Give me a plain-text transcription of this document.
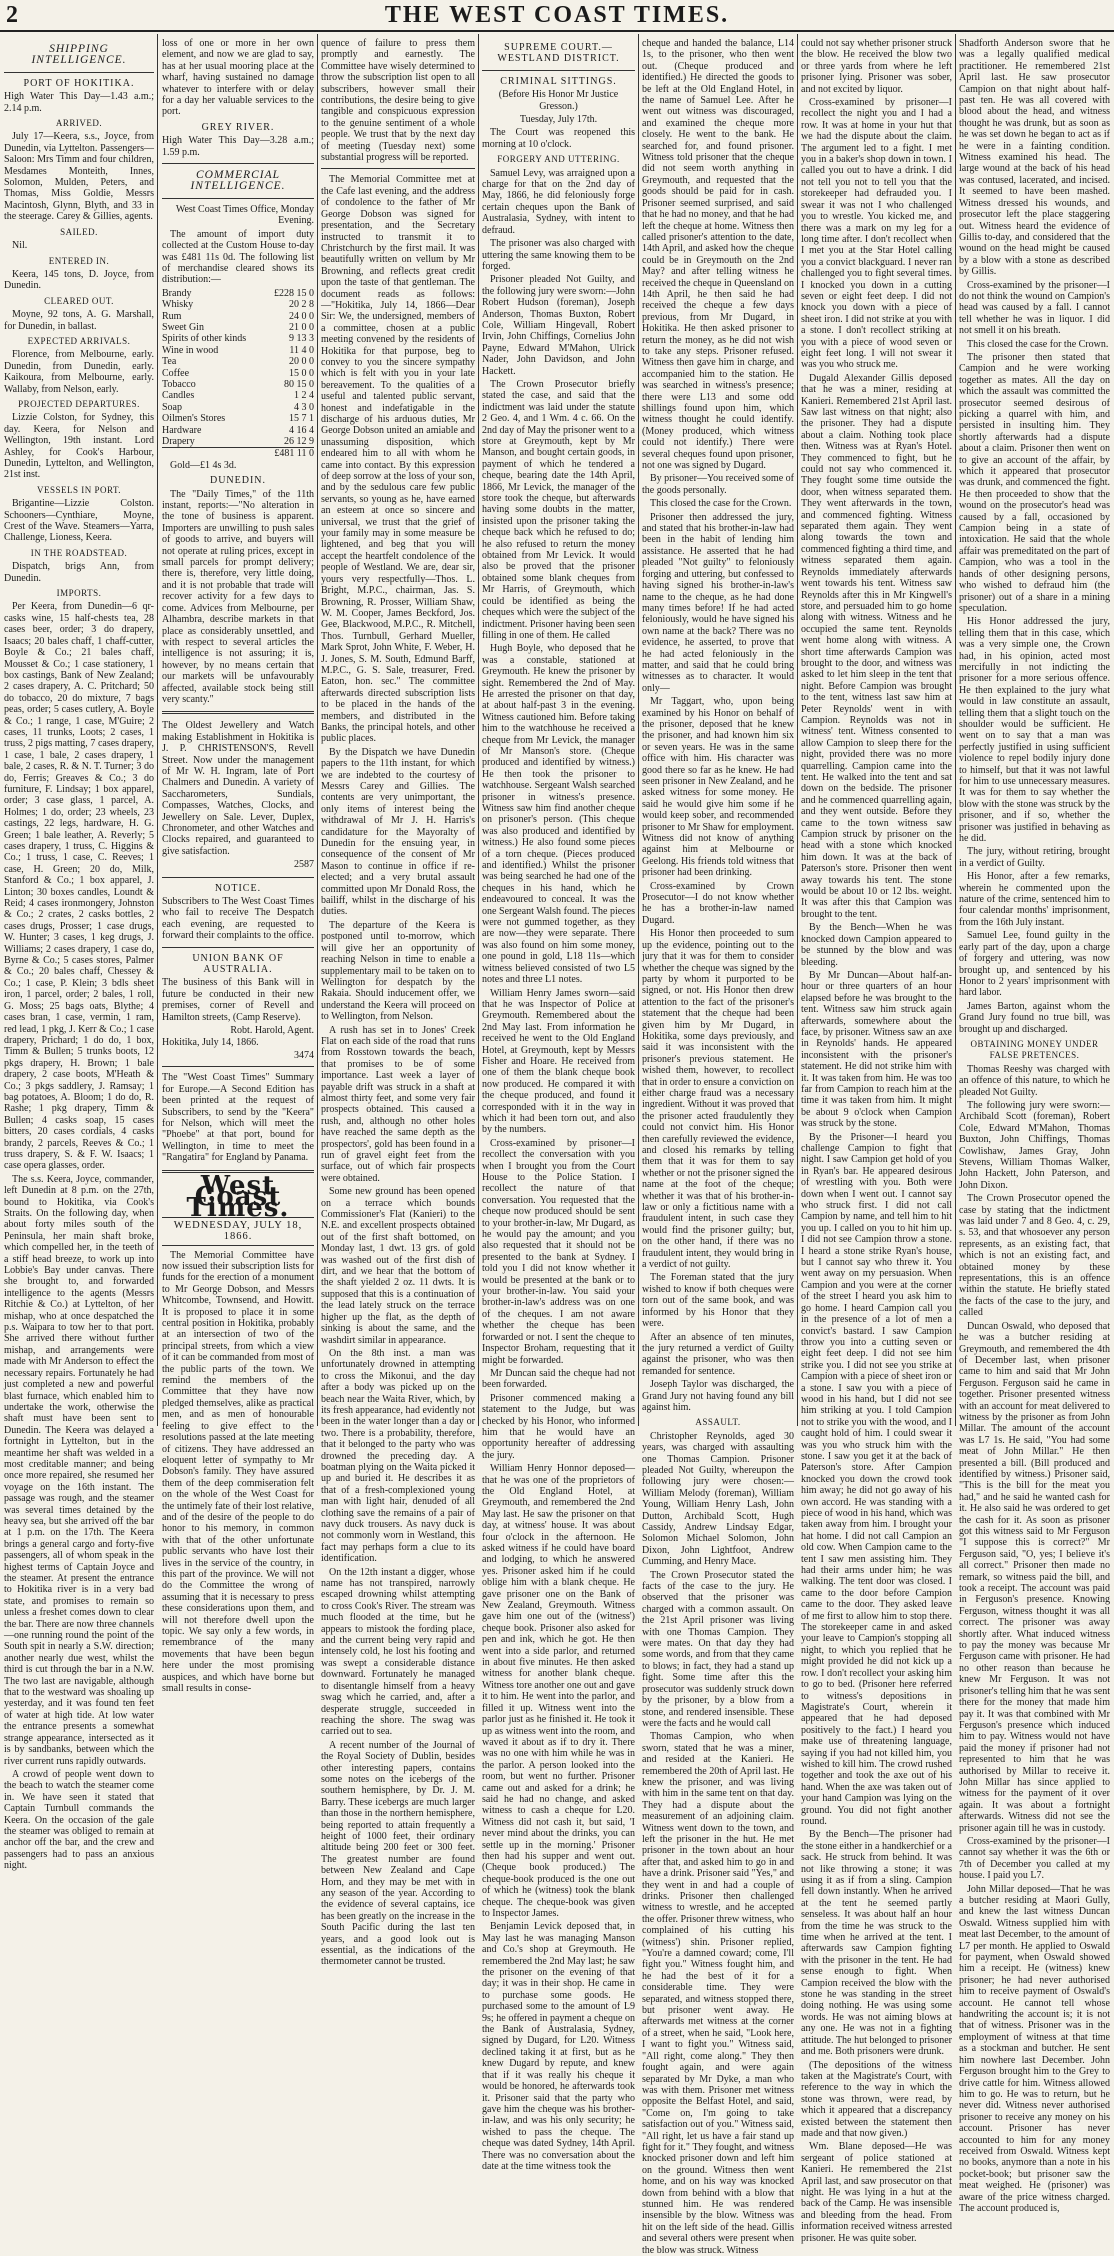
2	THE WEST COAST TIMES.
SHIPPING INTELLIGENCE.
PORT OF HOKITIKA.

High Water This Day—1.43 a.m.; 2.14 p.m.

ARRIVED.

July 17—Keera, s.s., Joyce, from Dunedin, via Lyttelton. Passengers—Saloon: Mrs Timm and four children, Mesdames Monteith, Innes, Solomon, Mulden, Peters, and Thomas, Miss Goldie, Messrs Macintosh, Glynn, Blyth, and 33 in the steerage. Carey & Gillies, agents.

SAILED.

Nil.

ENTERED IN.

Keera, 145 tons, D. Joyce, from Dunedin.

CLEARED OUT.

Moyne, 92 tons, A. G. Marshall, for Dunedin, in ballast.

EXPECTED ARRIVALS.

Florence, from Melbourne, early. Dunedin, from Dunedin, early. Kaikoura, from Melbourne, early. Wallaby, from Nelson, early.

PROJECTED DEPARTURES.

Lizzie Colston, for Sydney, this day. Keera, for Nelson and Wellington, 19th instant. Lord Ashley, for Cook's Harbour, Dunedin, Lyttelton, and Wellington, 21st inst.

VESSELS IN PORT.

Brigantine—Lizzie Colston. Schooners—Cynthiare, Moyne, Crest of the Wave. Steamers—Yarra, Challenge, Lioness, Keera.

IN THE ROADSTEAD.

Dispatch, brigs Ann, from Dunedin.

IMPORTS.

Per Keera, from Dunedin—6 qr-casks wine, 15 half-chests tea, 28 cases beer, order; 3 do drapery, Isaacs; 20 bales chaff, 1 chaff-cutter, Boyle & Co.; 21 bales chaff, Mousset & Co.; 1 case stationery, 1 box castings, Bank of New Zealand; 2 cases drapery, A. C. Pritchard; 50 do tobacco, 20 do mixture, 7 bags peas, order; 5 cases cutlery, A. Boyle & Co.; 1 range, 1 case, M'Guire; 2 cases, 11 trunks, Loots; 2 cases, 1 truss, 2 pigs matting, 7 cases drapery, 1 case, 1 bale, 2 cases drapery, 1 bale, 2 cases, R. & N. T. Turner; 3 do do, Ferris; Greaves & Co.; 3 do furniture, F. Lindsay; 1 box apparel, order; 3 case glass, 1 parcel, A. Holmes; 1 do, order; 23 wheels, 23 castings, 22 legs, hardware, H. G. Green; 1 bale leather, A. Reverly; 5 cases drapery, 1 truss, C. Higgins & Co.; 1 truss, 1 case, C. Reeves; 1 case, H. Green; 20 do, Milk, Stanford & Co.; 1 box apparel, J. Linton; 30 boxes candles, Loundt & Reid; 4 cases ironmongery, Johnston & Co.; 2 crates, 2 casks bottles, 2 cases drugs, Prosser; 1 case drugs, W. Hunter; 3 cases, 1 keg drugs, J. Williams; 2 cases drapery, 1 case do, Byrne & Co.; 5 cases stores, Palmer & Co.; 20 bales chaff, Chessey & Co.; 1 case, P. Klein; 3 bdls sheet iron, 1 parcel, order; 2 bales, 1 roll, G. Moss; 25 bags oats, Blythe; 4 cases bran, 1 case, vermin, 1 ram, red lead, 1 pkg, J. Kerr & Co.; 1 case drapery, Prichard; 1 do do, 1 box, Timm & Bullen; 5 trunks boots, 12 pkgs drapery, H. Brown; 1 bale drapery, 2 case boots, M'Heath & Co.; 3 pkgs saddlery, J. Ramsay; 1 bag potatoes, A. Bloom; 1 do do, R. Rashe; 1 pkg drapery, Timm & Bullen; 4 casks soap, 15 cases bitters, 20 cases cordials, 4 casks brandy, 2 parcels, Reeves & Co.; 1 truss drapery, S. & F. W. Isaacs; 1 case opera glasses, order.

The s.s. Keera, Joyce, commander, left Dunedin at 8 p.m. on the 27th, bound to Hokitika, via Cook's Straits. On the following day, when about forty miles south of the Peninsula, her main shaft broke, which compelled her, in the teeth of a stiff head breeze, to work up into Lobbie's Bay under canvas. There she brought to, and forwarded intelligence to the agents (Messrs Ritchie & Co.) at Lyttelton, of her mishap, who at once despatched the p.s. Waipara to tow her to that port. She arrived there without further mishap, and arrangements were made with Mr Anderson to effect the necessary repairs. Fortunately he had just completed a new and powerful blast furnace, which enabled him to undertake the work, otherwise the shaft must have been sent to Dunedin. The Keera was delayed a fortnight in Lyttelton, but in the meantime her shaft was welded in a most creditable manner; and being once more repaired, she resumed her voyage on the 16th instant. The passage was rough, and the steamer was several times detained by the heavy sea, but she arrived off the bar at 1 p.m. on the 17th. The Keera brings a general cargo and forty-five passengers, all of whom speak in the highest terms of Captain Joyce and the steamer. At present the entrance to Hokitika river is in a very bad state, and promises to remain so unless a freshet comes down to clear the bar. There are now three channels—one running round the point of the South spit in nearly a S.W. direction; another nearly due west, whilst the third is cut through the bar in a N.W. The two last are navigable, although that to the westward was shoaling up yesterday, and it was found ten feet of water at high tide. At low water the entrance presents a somewhat strange appearance, intersected as it is by sandbanks, between which the river current runs rapidly outwards.

A crowd of people went down to the beach to watch the steamer come in. We have seen it stated that Captain Turnbull commands the Keera. On the occasion of the gale the steamer was obliged to remain at anchor off the bar, and the crew and passengers had to pass an anxious night.

loss of one or more in her own element, and now we are glad to say, has at her usual mooring place at the wharf, having sustained no damage whatever to interfere with or delay for a day her valuable services to the port.

GREY RIVER.

High Water This Day—3.28 a.m.; 1.59 p.m.

COMMERCIAL INTELLIGENCE.

West Coast Times Office, Monday Evening.

The amount of import duty collected at the Custom House to-day was £481 11s 0d. The following list of merchandise cleared shows its distribution:—

Brandy	£228 15 0
Whisky	20 2 8
Rum	24 0 0
Sweet Gin	21 0 0
Spirits of other kinds	9 13 3
Wine in wood	11 4 0
Tea	20 0 0
Coffee	15 0 0
Tobacco	80 15 0
Candles	1 2 4
Soap	4 3 0
Oilmen's Stores	15 7 1
Hardware	4 16 4
Drapery	26 12 9
£481 11 0

Gold—£1 4s 3d.

DUNEDIN.

The "Daily Times," of the 11th instant, reports:—"No alteration in the tone of business is apparent. Importers are unwilling to push sales of goods to arrive, and buyers will not operate at ruling prices, except in small parcels for prompt delivery; there is, therefore, very little doing, and it is not probable that trade will recover activity for a few days to come. Advices from Melbourne, per Alhambra, describe markets in that place as considerably unsettled, and with respect to several articles the intelligence is not assuring; it is, however, by no means certain that our markets will be unfavourably affected, available stock being still very scanty."

The Oldest Jewellery and Watch making Establishment in Hokitika is J. P. CHRISTENSON'S, Revell Street. Now under the management of Mr W. H. Ingram, late of Port Chalmers and Dunedin. A variety of Saccharometers, Sundials, Compasses, Watches, Clocks, and Jewellery on Sale. Lever, Duplex, Chronometer, and other Watches and Clocks repaired, and guaranteed to give satisfaction.

2587
NOTICE.

Subscribers to The West Coast Times who fail to receive The Despatch each evening, are requested to forward their complaints to the office.

UNION BANK OF AUSTRALIA.

The business of this Bank will in future be conducted in their new premises, corner of Revell and Hamilton streets, (Camp Reserve).

Robt. Harold, Agent.

Hokitika, July 14, 1866.

3474

The "West Coast Times" Summary for Europe.—A Second Edition has been printed at the request of Subscribers, to send by the "Keera" for Nelson, which will meet the "Phoebe" at that port, bound for Wellington, in time to meet the "Rangatira" for England by Panama.

West Coast Times.
WEDNESDAY, JULY 18, 1866.

The Memorial Committee have now issued their subscription lists for funds for the erection of a monument to Mr George Dobson, and Messrs Whitcombe, Townsend, and Howitt. It is proposed to place it in some central position in Hokitika, probably at an intersection of two of the principal streets, from which a view of it can be commanded from most of the public parts of the town. We remind the members of the Committee that they have now pledged themselves, alike as practical men, and as men of honourable feeling to give effect to the resolutions passed at the late meeting of citizens. They have addressed an eloquent letter of sympathy to Mr Dobson's family. They have assured them of the deep commiseration felt on the whole of the West Coast for the untimely fate of their lost relative, and of the desire of the people to do honor to his memory, in common with that of the other unfortunate public servants who have lost their lives in the service of the country, in this part of the province. We will not do the Committee the wrong of assuming that it is necessary to press these considerations upon them, and will not therefore dwell upon the topic. We say only a few words, in remembrance of the many movements that have been begun here under the most promising auspices, and which have borne but small results in conse-

quence of failure to press them promptly and earnestly. The Committee have wisely determined to throw the subscription list open to all subscribers, however small their contributions, the desire being to give tangible and conspicuous expression to the genuine sentiment of a whole people. We trust that by the next day of meeting (Tuesday next) some substantial progress will be reported.

The Memorial Committee met at the Cafe last evening, and the address of condolence to the father of Mr George Dobson was signed for presentation, and the Secretary instructed to transmit it to Christchurch by the first mail. It was beautifully written on vellum by Mr Browning, and reflects great credit upon the taste of that gentleman. The document reads as follows:—"Hokitika, July 14, 1866—Dear Sir: We, the undersigned, members of a committee, chosen at a public meeting convened by the residents of Hokitika for that purpose, beg to convey to you the sincere sympathy which is felt with you in your late bereavement. To the qualities of a useful and talented public servant, honest and indefatigable in the discharge of his arduous duties, Mr George Dobson united an amiable and unassuming disposition, which endeared him to all with whom he came into contact. By this expression of deep sorrow at the loss of your son, and by the sedulous care few public servants, so young as he, have earned an esteem at once so sincere and universal, we trust that the grief of your family may in some measure be lightened, and beg that you will accept the heartfelt condolence of the people of Westland. We are, dear sir, yours very respectfully—Thos. L. Bright, M.P.C., chairman, Jas. S. Browning, R. Prosser, William Shaw, W. M. Cooper, James Beckford, Jos. Gee, Blackwood, M.P.C., R. Mitchell, Thos. Turnbull, Gerhard Mueller, Mark Sprot, John White, F. Weber, H. J. Jones, S. M. South, Edmund Barff, M.P.C., G. S. Sale, treasurer, Fred. Eaton, hon. sec." The committee afterwards directed subscription lists to be placed in the hands of the members, and distributed in the Banks, the principal hotels, and other public places.

By the Dispatch we have Dunedin papers to the 11th instant, for which we are indebted to the courtesy of Messrs Carey and Gillies. The contents are very unimportant, the only items of interest being the withdrawal of Mr J. H. Harris's candidature for the Mayoralty of Dunedin for the ensuing year, in consequence of the consent of Mr Mason to continue in office if re-elected; and a very brutal assault committed upon Mr Donald Ross, the bailiff, whilst in the discharge of his duties.

The departure of the Keera is postponed until to-morrow, which will give her an opportunity of reaching Nelson in time to enable a supplementary mail to be taken on to Wellington for despatch by the Rakaia. Should inducement offer, we understand the Keera will proceed on to Wellington, from Nelson.

A rush has set in to Jones' Creek Flat on each side of the road that runs from Rosstown towards the beach, that promises to be of some importance. Last week a layer of payable drift was struck in a shaft at almost thirty feet, and some very fair prospects obtained. This caused a rush, and, although no other holes have reached the same depth as the prospectors', gold has been found in a run of gravel eight feet from the surface, out of which fair prospects were obtained.

Some new ground has been opened on a terrace which bounds Commissioner's Flat (Kanieri) to the N.E. and excellent prospects obtained out of the first shaft bottomed, on Monday last, 1 dwt. 13 grs. of gold was washed out of the first dish of dirt, and we hear that the bottom of the shaft yielded 2 oz. 11 dwts. It is supposed that this is a continuation of the lead lately struck on the terrace higher up the flat, as the depth of sinking is about the same, and the washdirt similar in appearance.

On the 8th inst. a man was unfortunately drowned in attempting to cross the Mikonui, and the day after a body was picked up on the beach near the Waita River, which, by its fresh appearance, had evidently not been in the water longer than a day or two. There is a probability, therefore, that it belonged to the party who was drowned the preceding day. A boatman plying on the Waita picked it up and buried it. He describes it as that of a fresh-complexioned young man with light hair, denuded of all clothing save the remains of a pair of navy duck trousers. As navy duck is not commonly worn in Westland, this fact may perhaps form a clue to its identification.

On the 12th instant a digger, whose name has not transpired, narrowly escaped drowning whilst attempting to cross Cook's River. The stream was much flooded at the time, but he appears to mistook the fording place, and the current being very rapid and intensely cold, he lost his footing and was swept a considerable distance downward. Fortunately he managed to disentangle himself from a heavy swag which he carried, and, after a desperate struggle, succeeded in reaching the shore. The swag was carried out to sea.

A recent number of the Journal of the Royal Society of Dublin, besides other interesting papers, contains some notes on the icebergs of the southern hemisphere, by Dr. J. M. Barry. These icebergs are much larger than those in the northern hemisphere, being reported to attain frequently a height of 1000 feet, their ordinary altitude being 200 feet or 300 feet. The greatest number are found between New Zealand and Cape Horn, and they may be met with in any season of the year. According to the evidence of several captains, ice has been greatly on the increase in the South Pacific during the last ten years, and a good look out is essential, as the indications of the thermometer cannot be trusted.

SUPREME COURT.—WESTLAND DISTRICT.
CRIMINAL SITTINGS.

(Before His Honor Mr Justice Gresson.)

Tuesday, July 17th.

The Court was reopened this morning at 10 o'clock.

FORGERY AND UTTERING.

Samuel Levy, was arraigned upon a charge for that on the 2nd day of May, 1866, he did feloniously forge certain cheques upon the Bank of Australasia, Sydney, with intent to defraud.

The prisoner was also charged with uttering the same knowing them to be forged.

Prisoner pleaded Not Guilty, and the following jury were sworn:—John Robert Hudson (foreman), Joseph Anderson, Thomas Buxton, Robert Cole, William Hingevall, Robert Irvin, John Chiffings, Cornelius John Payne, Edward M'Mahon, Ulrick Nader, John Davidson, and John Hackett.

The Crown Prosecutor briefly stated the case, and said that the indictment was laid under the statute 2 Geo. 4, and 1 Wm. 4 c. 66. On the 2nd day of May the prisoner went to a store at Greymouth, kept by Mr Manson, and bought certain goods, in payment of which he tendered a cheque, bearing date the 14th April, 1866, Mr Levick, the manager of the store took the cheque, but afterwards having some doubts in the matter, insisted upon the prisoner taking the cheque back which he refused to do; he also refused to return the money obtained from Mr Levick. It would also be proved that the prisoner obtained some blank cheques from Mr Harris, of Greymouth, which could be identified as being the cheques which were the subject of the indictment. Prisoner having been seen filling in one of them. He called

Hugh Boyle, who deposed that he was a constable, stationed at Greymouth. He knew the prisoner by sight. Remembered the 2nd of May. He arrested the prisoner on that day, at about half-past 3 in the evening. Witness cautioned him. Before taking him to the watchhouse he received a cheque from Mr Levick, the manager of Mr Manson's store. (Cheque produced and identified by witness.) He then took the prisoner to watchhouse. Sergeant Walsh searched prisoner in witness's presence. Witness saw him find another cheque on prisoner's person. (This cheque was also produced and identified by witness.) He also found some pieces of a torn cheque. (Pieces produced and identified.) Whilst the prisoner was being searched he had one of the cheques in his hand, which he endeavoured to conceal. It was the one Sergeant Walsh found. The pieces were not gummed together, as they are now—they were separate. There was also found on him some money, one pound in gold, L18 11s—which witness believed consisted of two L5 notes and three L1 notes.

William Henry James sworn—said that he was Inspector of Police at Greymouth. Remembered about the 2nd May last. From information he received he went to the Old England Hotel, at Greymouth, kept by Messrs Fisher and Hoare. He received from one of them the blank cheque book now produced. He compared it with the cheque produced, and found it corresponded with it in the way in which it had been torn out, and also by the numbers.

Cross-examined by prisoner—I recollect the conversation with you when I brought you from the Court House to the Police Station. I recollect the nature of that conversation. You requested that the cheque now produced should be sent to your brother-in-law, Mr Dugard, as he would pay the amount; and you also requested that it should not be presented to the bank at Sydney. I told you I did not know whether it would be presented at the bank or to your brother-in-law. You said your brother-in-law's address was on one of the cheques. I am not aware whether the cheque has been forwarded or not. I sent the cheque to Inspector Broham, requesting that it might be forwarded.

Mr Duncan said the cheque had not been forwarded.

Prisoner commenced making a statement to the Judge, but was checked by his Honor, who informed him that he would have an opportunity hereafter of addressing the jury.

William Henry Honnor deposed—that he was one of the proprietors of the Old England Hotel, at Greymouth, and remembered the 2nd May last. He saw the prisoner on that day, at witness' house. It was about four o'clock in the afternoon. He asked witness if he could have board and lodging, to which he answered yes. Prisoner asked him if he could oblige him with a blank cheque. He gave prisoner one on the Bank of New Zealand, Greymouth. Witness gave him one out of the (witness') cheque book. Prisoner also asked for pen and ink, which he got. He then went into a side parlor, and returned in about five minutes. He then asked witness for another blank cheque. Witness tore another one out and gave it to him. He went into the parlor, and filled it up. Witness went into the parlor just as he finished it. He took it up as witness went into the room, and waved it about as if to dry it. There was no one with him while he was in the parlor. A person looked into the room, but went no further. Prisoner came out and asked for a drink; he said he had no change, and asked witness to cash a cheque for L20. Witness did not cash it, but said, 'I never mind about the drinks, you can settle up in the morning.' Prisoner then had his supper and went out. (Cheque book produced.) The cheque-book produced is the one out of which he (witness) took the blank cheque. The cheque-book was given to Inspector James.

Benjamin Levick deposed that, in May last he was managing Manson and Co.'s shop at Greymouth. He remembered the 2nd May last; he saw the prisoner on the evening of that day; it was in their shop. He came in to purchase some goods. He purchased some to the amount of L9 9s; he offered in payment a cheque on the Bank of Australasia, Sydney, signed by Dugard, for L20. Witness declined taking it at first, but as he knew Dugard by repute, and knew that if it was really his cheque it would be honored, he afterwards took it. Prisoner said that the party who gave him the cheque was his brother-in-law, and was his only security; he wished to pass the cheque. The cheque was dated Sydney, 14th April. There was no conversation about the date at the time witness took the

cheque and handed the balance, L14 1s, to the prisoner, who then went out. (Cheque produced and identified.) He directed the goods to be left at the Old England Hotel, in the name of Samuel Lee. After he went out witness was discouraged, and examined the cheque more closely. He went to the bank. He searched for, and found prisoner. Witness told prisoner that the cheque did not seem worth anything in Greymouth, and requested that the goods should be paid for in cash. Prisoner seemed surprised, and said that he had no money, and that he had left the cheque at home. Witness then called prisoner's attention to the date, 14th April, and asked how the cheque could be in Greymouth on the 2nd May? and after telling witness he received the cheque in Queensland on 14th April, he then said he had received the cheque a few days previous, from Mr Dugard, in Hokitika. He then asked prisoner to return the money, as he did not wish to take any steps. Prisoner refused. Witness then gave him in charge, and accompanied him to the station. He was searched in witness's presence; there were L13 and some odd shillings found upon him, which witness thought he could identify. (Money produced, which witness could not identify.) There were several cheques found upon prisoner, not one was signed by Dugard.

By prisoner—You received some of the goods personally.

This closed the case for the Crown.

Prisoner then addressed the jury, and stated that his brother-in-law had been in the habit of lending him assistance. He asserted that he had pleaded "Not guilty" to feloniously forging and uttering, but confessed to having signed his brother-in-law's name to the cheque, as he had done many times before! If he had acted feloniously, would he have signed his own name at the back? There was no evidence, he asserted, to prove that he had acted feloniously in the matter, and said that he could bring witnesses as to character. It would only—

Mr Taggart, who, upon being examined by his Honor on behalf of the prisoner, deposed that he knew the prisoner, and had known him six or seven years. He was in the same office with him. His character was good there so far as he knew. He had seen prisoner in New Zealand, and he asked witness for some money. He said he would give him some if he would keep sober, and recommended prisoner to Mr Shaw for employment. Witness did not know of anything against him at Melbourne or Geelong. His friends told witness that prisoner had been drinking.

Cross-examined by Crown Prosecutor—I do not know whether he has a brother-in-law named Dugard.

His Honor then proceeded to sum up the evidence, pointing out to the jury that it was for them to consider whether the cheque was signed by the party by whom it purported to be signed, or not. His Honor then drew attention to the fact of the prisoner's statement that the cheque had been given him by Mr Dugard, in Hokitika, some days previously, and said it was inconsistent with the prisoner's previous statement. He wished them, however, to recollect that in order to ensure a conviction on either charge fraud was a necessary ingredient. Without it was proved that the prisoner acted fraudulently they could not convict him. His Honor then carefully reviewed the evidence, and closed his remarks by telling them that it was for them to say whether or not the prisoner signed the name at the foot of the cheque; whether it was that of his brother-in-law or only a fictitious name with a fraudulent intent, in such case they would find the prisoner guilty; but, on the other hand, if there was no fraudulent intent, they would bring in a verdict of not guilty.

The Foreman stated that the jury wished to know if both cheques were torn out of the same book, and was informed by his Honor that they were.

After an absence of ten minutes, the jury returned a verdict of Guilty against the prisoner, who was then remanded for sentence.

Joseph Taylor was discharged, the Grand Jury not having found any bill against him.

ASSAULT.

Christopher Reynolds, aged 30 years, was charged with assaulting one Thomas Campion. Prisoner pleaded Not Guilty, whereupon the following jury were chosen:—William Melody (foreman), William Young, William Henry Lash, John Dutton, Archibald Scott, Hugh Cassidy, Andrew Lindsay Edgar, Solomon Michael Solomon, John Dixon, John Lightfoot, Andrew Cumming, and Henry Mace.

The Crown Prosecutor stated the facts of the case to the jury. He observed that the prisoner was charged with a common assault. On the 21st April prisoner was living with one Thomas Campion. They were mates. On that day they had some words, and from that they came to blows; in fact, they had a stand up fight. Some time after this the prosecutor was suddenly struck down by the prisoner, by a blow from a stone, and rendered insensible. These were the facts and he would call

Thomas Campion, who when sworn, stated that he was a miner, and resided at the Kanieri. He remembered the 20th of April last. He knew the prisoner, and was living with him in the same tent on that day. They had a dispute about the measurement of an adjoining claim. Witness went down to the town, and left the prisoner in the hut. He met prisoner in the town about an hour after that, and asked him to go in and have a drink. Prisoner said "Yes," and they went in and had a couple of drinks. Prisoner then challenged witness to wrestle, and he accepted the offer. Prisoner threw witness, who complained of his cutting his (witness') shin. Prisoner replied, "You're a damned coward; come, I'll fight you." Witness fought him, and he had the best of it for a considerable time. They were separated, and witness stopped there, but prisoner went away. He afterwards met witness at the corner of a street, when he said, "Look here, I want to fight you." Witness said, "All right, come along." They then fought again, and were again separated by Mr Dyke, a man who was with them. Prisoner met witness opposite the Belfast Hotel, and said, "Come on, I'm going to take satisfaction out of you." Witness said, "All right, let us have a fair stand up fight for it." They fought, and witness knocked prisoner down and left him on the ground. Witness then went home, and on his way was knocked down from behind with a blow that stunned him. He was rendered insensible by the blow. Witness was hit on the left side of the head. Gillis and several others were present when the blow was struck. Witness

could not say whether prisoner struck the blow. He received the blow two or three yards from where he left prisoner lying. Prisoner was sober, and not excited by liquor.

Cross-examined by prisoner—I recollect the night you and I had a row. It was at home in your hut that we had the dispute about the claim. The argument led to a fight. I met you in a baker's shop down in town. I called you out to have a drink. I did not tell you not to tell you that the storekeeper had defrauded you. I swear it was not I who challenged you to wrestle. You kicked me, and there was a mark on my leg for a long time after. I don't recollect when I met you at the Star Hotel calling you a convict blackguard. I never ran challenged you to fight several times. I knocked you down in a cutting seven or eight feet deep. I did not knock you down with a piece of sheet iron. I did not strike at you with a stone. I don't recollect striking at you with a piece of wood seven or eight feet long. I will not swear it was you who struck me.

Dugald Alexander Gillis deposed that he was a miner, residing at Kanieri. Remembered 21st April last. Saw last witness on that night; also the prisoner. They had a dispute about a claim. Nothing took place then. Witness was at Ryan's Hotel. They commenced to fight, but he could not say who commenced it. They fought some time outside the door, when witness separated them. They went afterwards in the town, and commenced fighting. Witness separated them again. They went along towards the town and commenced fighting a third time, and witness separated them again. Reynolds immediately afterwards went towards his tent. Witness saw Reynolds after this in Mr Kingwell's store, and persuaded him to go home along with witness. Witness and he occupied the same tent. Reynolds went home along with witness. A short time afterwards Campion was brought to the door, and witness was asked to let him sleep in the tent that night. Before Campion was brought to the tent, witness last saw him at Peter Reynolds' went in with Campion. Reynolds was not in witness' tent. Witness consented to allow Campion to sleep there for the night, provided there was no more quarrelling. Campion came into the tent. He walked into the tent and sat down on the bedside. The prisoner and he commenced quarrelling again, and they went outside. Before they came to the town witness saw Campion struck by prisoner on the head with a stone which knocked him down. It was at the back of Paterson's store. Prisoner then went away towards his tent. The stone would be about 10 or 12 lbs. weight. It was after this that Campion was brought to the tent.

By the Bench—When he was knocked down Campion appeared to be stunned by the blow and was bleeding.

By Mr Duncan—About half-an-hour or three quarters of an hour elapsed before he was brought to the tent. Witness saw him struck again afterwards, somewhere about the face, by prisoner. Witness saw an axe in Reynolds' hands. He appeared inconsistent with the prisoner's statement. He did not strike him with it. It was taken from him. He was too far from Campion to reach him at the time it was taken from him. It might be about 9 o'clock when Campion was struck by the stone.

By the Prisoner—I heard you challenge Campion to fight that night. I saw Campion get hold of you in Ryan's bar. He appeared desirous of wrestling with you. Both were down when I went out. I cannot say who struck first. I did not call Campion by name, and tell him to hit you up. I called on you to hit him up. I did not see Campion throw a stone. I heard a stone strike Ryan's house, but I cannot say who threw it. You went away on my persuasion. When Campion and you were at the corner of the street I heard you ask him to go home. I heard Campion call you in the presence of a lot of men a convict's bastard. I saw Campion throw you into a cutting seven or eight feet deep. I did not see him strike you. I did not see you strike at Campion with a piece of sheet iron or a stone. I saw you with a piece of wood in his hand, but I did not see him striking at you. I told Campion not to strike you with the wood, and I caught hold of him. I could swear it was you who struck him with the stone. I saw you get it at the back of Paterson's store. After Campion knocked you down the crowd took him away; he did not go away of his own accord. He was standing with a piece of wood in his hand, which was taken away from him. I brought your hat home. I did not call Campion an old cow. When Campion came to the tent I saw men assisting him. They had their arms under him; he was walking. The tent door was closed. I came to the door before Campion came to the door. They asked leave of me first to allow him to stop there. The storekeeper came in and asked your leave to Campion's stopping all night, to which you replied that he might provided he did not kick up a row. I don't recollect your asking him to go to bed. (Prisoner here referred to witness's depositions in Magistrate's Court, wherein it appeared that he had deposed positively to the fact.) I heard you make use of threatening language, saying if you had not killed him, you wished to kill him. The crowd rushed together and took the axe out of his hand. When the axe was taken out of your hand Campion was lying on the ground. You did not fight another round.

By the Bench—The prisoner had the stone either in a handkerchief or a sack. He struck from behind. It was not like throwing a stone; it was using it as if from a sling. Campion fell down instantly. When he arrived at the tent he seemed partly senseless. It was about half an hour from the time he was struck to the time when he arrived at the tent. I afterwards saw Campion fighting with the prisoner in the tent. He had sense enough to fight. When Campion received the blow with the stone he was standing in the street doing nothing. He was using some words. He was not aiming blows at any one. He was not in a fighting attitude. The hut belonged to prisoner and me. Both prisoners were drunk.

(The depositions of the witness taken at the Magistrate's Court, with reference to the way in which the stone was thrown, were read, by which it appeared that a discrepancy existed between the statement then made and that now given.)

Wm. Blane deposed—He was sergeant of police stationed at Kanieri. He remembered the 21st April last, and saw prosecutor on that night. He was lying in a hut at the back of the Camp. He was insensible and bleeding from the head. From information received witness arrested prisoner. He was quite sober.

Shadforth Anderson swore that he was a legally qualified medical practitioner. He remembered 21st April last. He saw prosecutor Campion on that night about half-past ten. He was all covered with blood about the head, and witness thought he was drunk, but as soon as he was set down he began to act as if he were in a fainting condition. Witness examined his head. The large wound at the back of his head was contused, lacerated, and incised. It seemed to have been mashed. Witness dressed his wounds, and prosecutor left the place staggering out. Witness heard the evidence of Gillis to-day, and considered that the wound on the head might be caused by a blow with a stone as described by Gillis.

Cross-examined by the prisoner—I do not think the wound on Campion's head was caused by a fall. I cannot tell whether he was in liquor. I did not smell it on his breath.

This closed the case for the Crown.

The prisoner then stated that Campion and he were working together as mates. All the day on which the assault was committed the prosecutor seemed desirous of picking a quarrel with him, and persisted in insulting him. They shortly afterwards had a dispute about a claim. Prisoner then went on to give an account of the affair, by which it appeared that prosecutor was drunk, and commenced the fight. He then proceeded to show that the wound on the prosecutor's head was caused by a fall, occasioned by Campion being in a state of intoxication. He said that the whole affair was premeditated on the part of Campion, who was a tool in the hands of other designing persons, who wished to defraud him (the prisoner) out of a share in a mining speculation.

His Honor addressed the jury, telling them that in this case, which was a very simple one, the Crown had, in his opinion, acted most mercifully in not indicting the prisoner for a more serious offence. He then explained to the jury what would in law constitute an assault, telling them that a slight touch on the shoulder would be sufficient. He went on to say that a man was perfectly justified in using sufficient violence to repel bodily injury done to himself, but that it was not lawful for him to use unnecessary measures. It was for them to say whether the blow with the stone was struck by the prisoner, and if so, whether the prisoner was justified in behaving as he did.

The jury, without retiring, brought in a verdict of Guilty.

His Honor, after a few remarks, wherein he commented upon the nature of the crime, sentenced him to four calendar months' imprisonment, from the 16th July instant.

Samuel Lee, found guilty in the early part of the day, upon a charge of forgery and uttering, was now brought up, and sentenced by his Honor to 2 years' imprisonment with hard labor.

James Barton, against whom the Grand Jury found no true bill, was brought up and discharged.

OBTAINING MONEY UNDER FALSE PRETENCES.

Thomas Reeshy was charged with an offence of this nature, to which he pleaded Not Guilty.

The following jury were sworn:—Archibald Scott (foreman), Robert Cole, Edward M'Mahon, Thomas Buxton, John Chiffings, Thomas Cowlishaw, James Gray, John Stevens, William Thomas Walker, John Hackett, John Paterson, and John Dixon.

The Crown Prosecutor opened the case by stating that the indictment was laid under 7 and 8 Geo. 4, c. 29, s. 53, and that whosoever any person represents, as an existing fact, that which is not an existing fact, and obtained money by these representations, this is an offence within the statute. He briefly stated the facts of the case to the jury, and called

Duncan Oswald, who deposed that he was a butcher residing at Greymouth, and remembered the 4th of December last, when prisoner came to him and said that Mr John Ferguson. Ferguson said he came in together. Prisoner presented witness with an account for meat delivered to witness by the prisoner as from John Millar. The amount of the account was L7 1s. He said, "You had some meat of John Millar." He then presented a bill. (Bill produced and identified by witness.) Prisoner said, "This is the bill for the meat you had," and he said he wanted cash for it. He also said he was ordered to get the cash for it. As soon as prisoner got this witness said to Mr Ferguson "I suppose this is correct?" Mr Ferguson said, "O, yes; I believe it's all correct." Prisoner then made no remark, so witness paid the bill, and took a receipt. The account was paid in Ferguson's presence. Knowing Ferguson, witness thought it was all correct. The prisoner was away shortly after. What induced witness to pay the money was because Mr Ferguson came with prisoner. He had no other reason than because he knew Mr Ferguson. It was not prisoner's telling him that he was sent there for the money that made him pay it. It was that combined with Mr Ferguson's presence which induced him to pay. Witness would not have paid the money if prisoner had not represented to him that he was authorised by Millar to receive it. John Millar has since applied to witness for the payment of it over again. It was about a fortnight afterwards. Witness did not see the prisoner again till he was in custody.

Cross-examined by the prisoner—I cannot say whether it was the 6th or 7th of December you called at my house. I paid you L7.

John Millar deposed—That he was a butcher residing at Maori Gully, and knew the last witness Duncan Oswald. Witness supplied him with meat last December, to the amount of L7 per month. He applied to Oswald for payment, when Oswald showed him a receipt. He (witness) knew prisoner; he had never authorised him to receive payment of Oswald's account. He cannot tell whose handwriting the account is; it is not that of witness. Prisoner was in the employment of witness at that time as a stockman and butcher. He sent him nowhere last December. John Ferguson brought him to the Grey to drive cattle for him. Witness allowed him to go. He was to return, but he never did. Witness never authorised prisoner to receive any money on his account. Prisoner has never accounted to him for any money received from Oswald. Witness kept no books, anymore than a note in his pocket-book; but prisoner saw the meat weighed. He (prisoner) was aware of the price witness charged. The account produced is,
